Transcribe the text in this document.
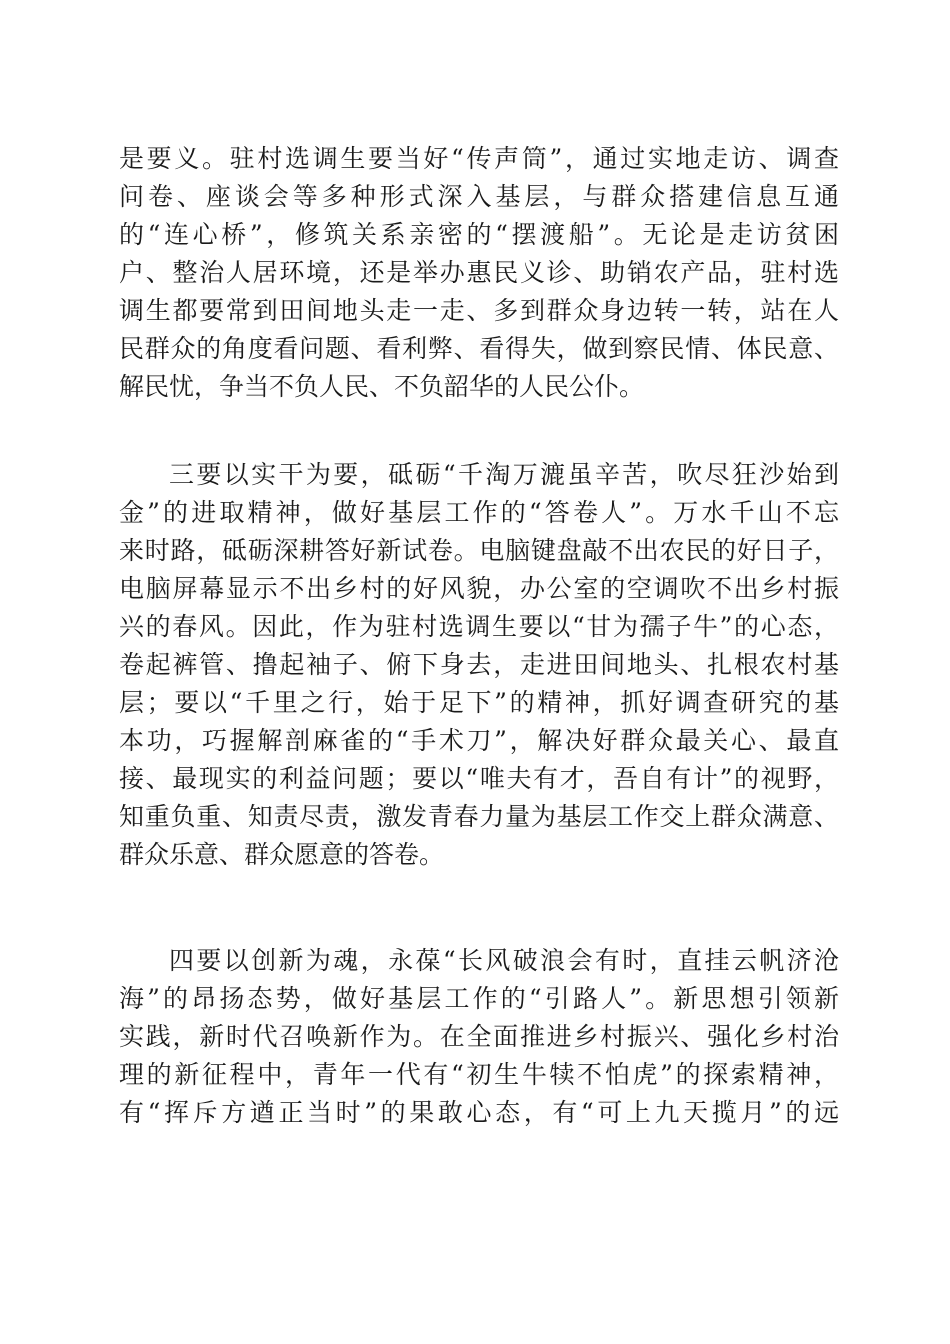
是要义。驻村选调生要当好“传声筒”，通过实地走访、调查
问卷、座谈会等多种形式深入基层，与群众搭建信息互通
的“连心桥”，修筑关系亲密的“摆渡船”。无论是走访贫困
户、整治人居环境，还是举办惠民义诊、助销农产品，驻村选
调生都要常到田间地头走一走、多到群众身边转一转，站在人
民群众的角度看问题、看利弊、看得失，做到察民情、体民意、
解民忧，争当不负人民、不负韶华的人民公仆。
三要以实干为要，砥砺“千淘万漉虽辛苦，吹尽狂沙始到
金”的进取精神，做好基层工作的“答卷人”。万水千山不忘
来时路，砥砺深耕答好新试卷。电脑键盘敲不出农民的好日子，
电脑屏幕显示不出乡村的好风貌，办公室的空调吹不出乡村振
兴的春风。因此，作为驻村选调生要以“甘为孺子牛”的心态，
卷起裤管、撸起袖子、俯下身去，走进田间地头、扎根农村基
层；要以“千里之行，始于足下”的精神，抓好调查研究的基
本功，巧握解剖麻雀的“手术刀”，解决好群众最关心、最直
接、最现实的利益问题；要以“唯夫有才，吾自有计”的视野，
知重负重、知责尽责，激发青春力量为基层工作交上群众满意、
群众乐意、群众愿意的答卷。
四要以创新为魂，永葆“长风破浪会有时，直挂云帆济沧
海”的昂扬态势，做好基层工作的“引路人”。新思想引领新
实践，新时代召唤新作为。在全面推进乡村振兴、强化乡村治
理的新征程中，青年一代有“初生牛犊不怕虎”的探索精神，
有“挥斥方遒正当时”的果敢心态，有“可上九天揽月”的远
